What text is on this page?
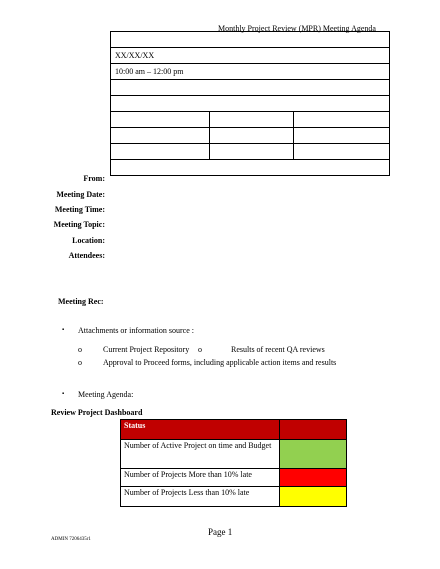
Monthly Project Review (MPR) Meeting Agenda

XX/XX/XX		
10:00 am – 12:00 pm		

From:
Meeting Date:
Meeting Time:
Meeting Topic:
Location:
Attendees:
Meeting Rec:
▪ Attachments or information source :
o	Current Project Repository o	Results of recent QA reviews
o	Approval to Proceed forms, including applicable action items and results
▪ Meeting Agenda:
Review Project Dashboard
Status	
Number of Active Project on time and Budget	
Number of Projects More than 10% late	
Number of Projects Less than 10% late	
Page 1
ADMIN 7206435r1
